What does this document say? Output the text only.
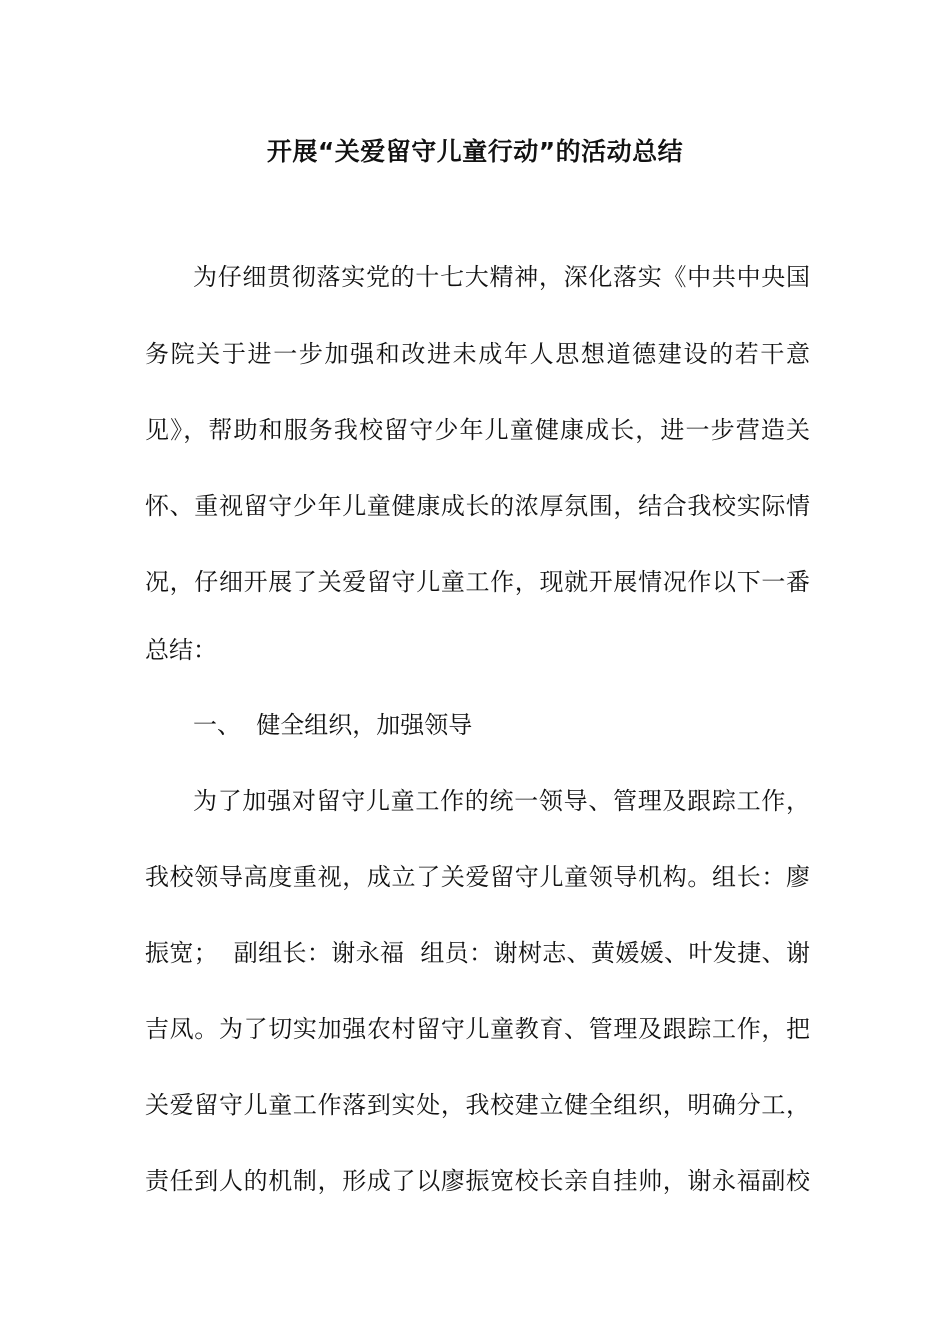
开展“关爱留守儿童行动”的活动总结
为仔细贯彻落实党的十七大精神，深化落实《中共中央国
务院关于进一步加强和改进未成年人思想道德建设的若干意
见》，帮助和服务我校留守少年儿童健康成长，进一步营造关
怀、重视留守少年儿童健康成长的浓厚氛围，结合我校实际情
况，仔细开展了关爱留守儿童工作，现就开展情况作以下一番
总结：
一、  健全组织，加强领导
为了加强对留守儿童工作的统一领导、管理及跟踪工作，
我校领导高度重视，成立了关爱留守儿童领导机构。组长：廖
振宽；  副组长：谢永福  组员：谢树志、黄媛媛、叶发捷、谢
吉凤。为了切实加强农村留守儿童教育、管理及跟踪工作，把
关爱留守儿童工作落到实处，我校建立健全组织，明确分工，
责任到人的机制，形成了以廖振宽校长亲自挂帅，谢永福副校
